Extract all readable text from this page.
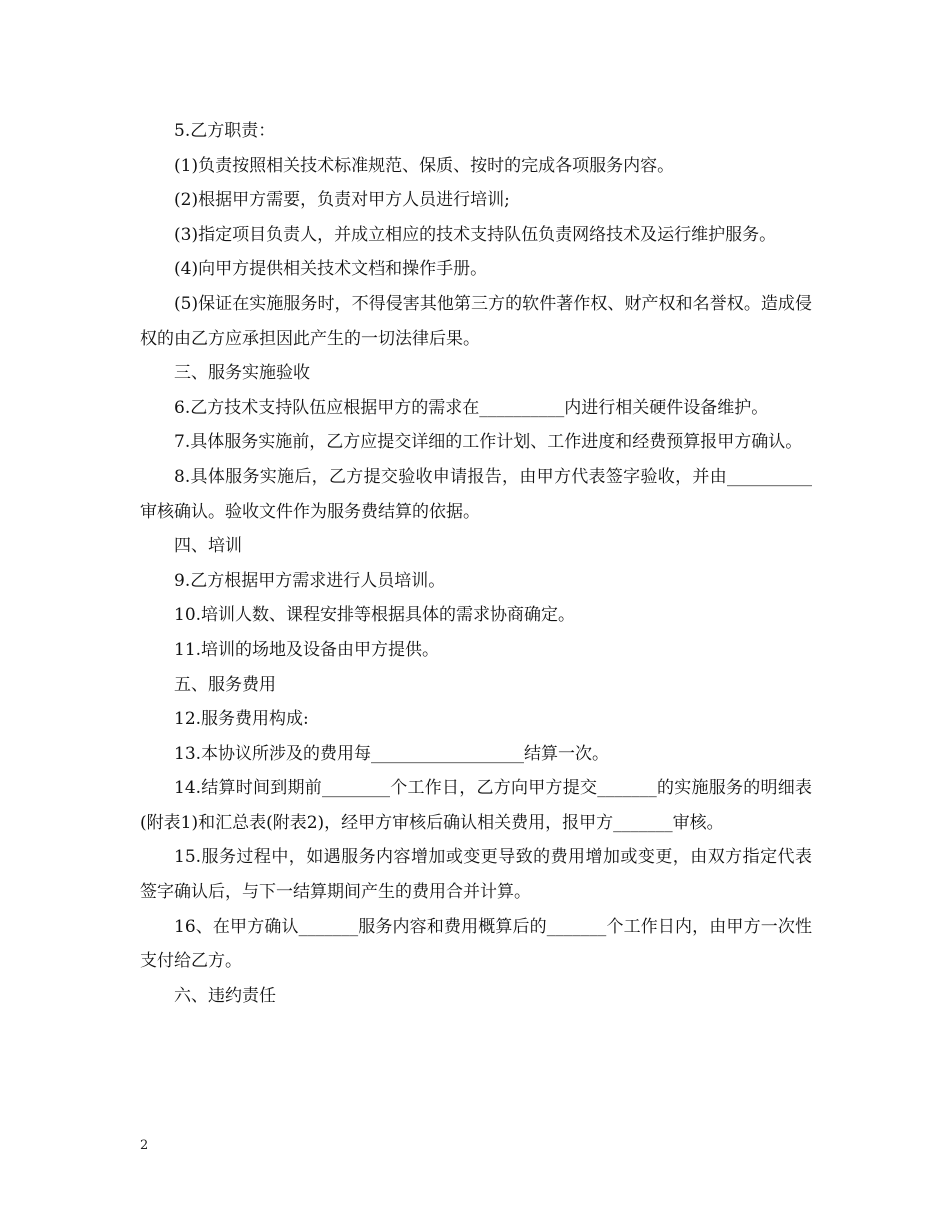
5.乙方职责：

(1)负责按照相关技术标准规范、保质、按时的完成各项服务内容。

(2)根据甲方需要，负责对甲方人员进行培训;

(3)指定项目负责人，并成立相应的技术支持队伍负责网络技术及运行维护服务。

(4)向甲方提供相关技术文档和操作手册。

(5)保证在实施服务时，不得侵害其他第三方的软件著作权、财产权和名誉权。造成侵权的由乙方应承担因此产生的一切法律后果。

三、服务实施验收

6.乙方技术支持队伍应根据甲方的需求在__________内进行相关硬件设备维护。

7.具体服务实施前，乙方应提交详细的工作计划、工作进度和经费预算报甲方确认。

8.具体服务实施后，乙方提交验收申请报告，由甲方代表签字验收，并由__________审核确认。验收文件作为服务费结算的依据。

四、培训

9.乙方根据甲方需求进行人员培训。

10.培训人数、课程安排等根据具体的需求协商确定。

11.培训的场地及设备由甲方提供。

五、服务费用

12.服务费用构成:

13.本协议所涉及的费用每__________________结算一次。

14.结算时间到期前________个工作日，乙方向甲方提交_______的实施服务的明细表(附表1)和汇总表(附表2)，经甲方审核后确认相关费用，报甲方_______审核。

15.服务过程中，如遇服务内容增加或变更导致的费用增加或变更，由双方指定代表签字确认后，与下一结算期间产生的费用合并计算。

16、在甲方确认_______服务内容和费用概算后的_______个工作日内，由甲方一次性支付给乙方。

六、违约责任

2
